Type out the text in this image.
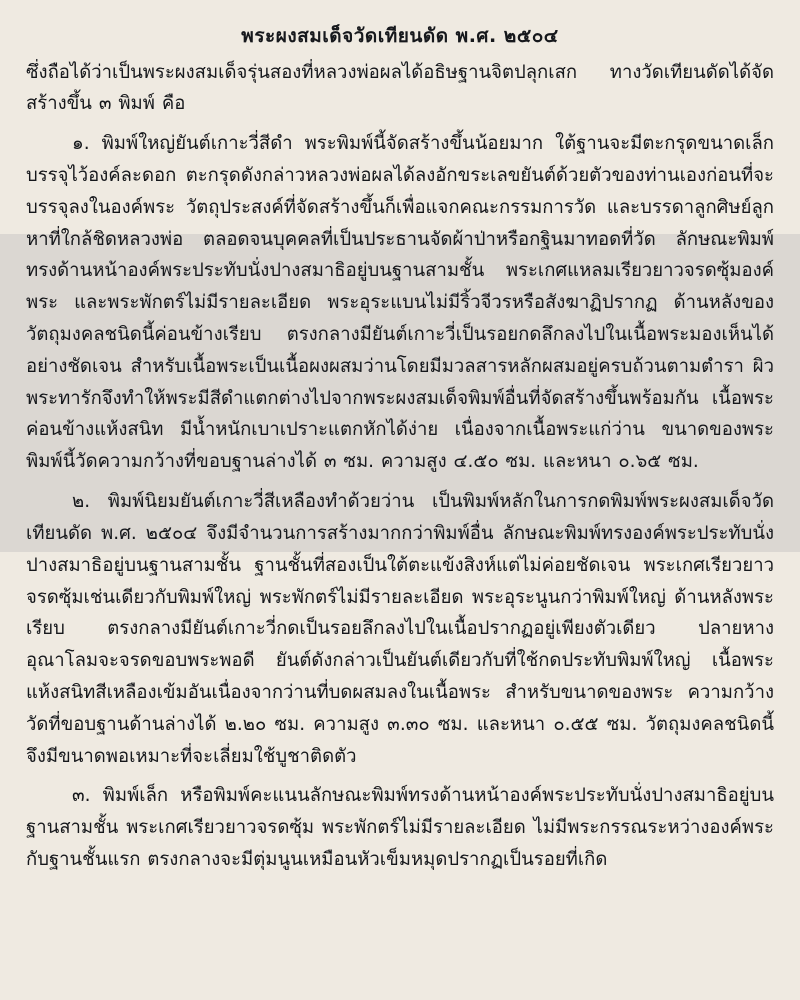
พระผงสมเด็จวัดเทียนดัด พ.ศ. ๒๕๐๔

ซึ่งถือได้ว่าเป็นพระผงสมเด็จรุ่นสองที่หลวงพ่อผลได้อธิษฐานจิตปลุกเสก ทางวัดเทียนดัดได้จัดสร้างขึ้น ๓ พิมพ์ คือ

๑. พิมพ์ใหญ่ยันต์เกาะวี่สีดำ พระพิมพ์นี้จัดสร้างขึ้นน้อยมาก ใต้ฐานจะมีตะกรุดขนาดเล็กบรรจุไว้องค์ละดอก ตะกรุดดังกล่าวหลวงพ่อผลได้ลงอักขระเลขยันต์ด้วยตัวของท่านเองก่อนที่จะบรรจุลงในองค์พระ วัตถุประสงค์ที่จัดสร้างขึ้นก็เพื่อแจกคณะกรรมการวัด และบรรดาลูกศิษย์ลูกหาที่ใกล้ชิดหลวงพ่อ ตลอดจนบุคคลที่เป็นประธานจัดผ้าป่าหรือกฐินมาทอดที่วัด ลักษณะพิมพ์ทรงด้านหน้าองค์พระประทับนั่งปางสมาธิอยู่บนฐานสามชั้น พระเกศแหลมเรียวยาวจรดซุ้มองค์พระ และพระพักตร์ไม่มีรายละเอียด พระอุระแบนไม่มีริ้วจีวรหรือสังฆาฏิปรากฏ ด้านหลังของวัตถุมงคลชนิดนี้ค่อนข้างเรียบ ตรงกลางมียันต์เกาะวี่เป็นรอยกดลึกลงไปในเนื้อพระมองเห็นได้อย่างชัดเจน สำหรับเนื้อพระเป็นเนื้อผงผสมว่านโดยมีมวลสารหลักผสมอยู่ครบถ้วนตามตำรา ผิวพระทารักจึงทำให้พระมีสีดำแตกต่างไปจากพระผงสมเด็จพิมพ์อื่นที่จัดสร้างขึ้นพร้อมกัน เนื้อพระค่อนข้างแห้งสนิท มีน้ำหนักเบาเปราะแตกหักได้ง่าย เนื่องจากเนื้อพระแก่ว่าน ขนาดของพระพิมพ์นี้วัดความกว้างที่ขอบฐานล่างได้ ๓ ซม. ความสูง ๔.๕๐ ซม. และหนา ๐.๖๕ ซม.

๒. พิมพ์นิยมยันต์เกาะวี่สีเหลืองทำด้วยว่าน เป็นพิมพ์หลักในการกดพิมพ์พระผงสมเด็จวัดเทียนดัด พ.ศ. ๒๕๐๔ จึงมีจำนวนการสร้างมากกว่าพิมพ์อื่น ลักษณะพิมพ์ทรงองค์พระประทับนั่งปางสมาธิอยู่บนฐานสามชั้น ฐานชั้นที่สองเป็นใต้ตะแข้งสิงห์แต่ไม่ค่อยชัดเจน พระเกศเรียวยาวจรดซุ้มเช่นเดียวกับพิมพ์ใหญ่ พระพักตร์ไม่มีรายละเอียด พระอุระนูนกว่าพิมพ์ใหญ่ ด้านหลังพระเรียบ ตรงกลางมียันต์เกาะวี่กดเป็นรอยลึกลงไปในเนื้อปรากฏอยู่เพียงตัวเดียว ปลายหางอุณาโลมจะจรดขอบพระพอดี ยันต์ดังกล่าวเป็นยันต์เดียวกับที่ใช้กดประทับพิมพ์ใหญ่ เนื้อพระแห้งสนิทสีเหลืองเข้มอันเนื่องจากว่านที่บดผสมลงในเนื้อพระ สำหรับขนาดของพระ ความกว้างวัดที่ขอบฐานด้านล่างได้ ๒.๒๐ ซม. ความสูง ๓.๓๐ ซม. และหนา ๐.๕๕ ซม. วัตถุมงคลชนิดนี้จึงมีขนาดพอเหมาะที่จะเลี่ยมใช้บูชาติดตัว

๓. พิมพ์เล็ก หรือพิมพ์คะแนนลักษณะพิมพ์ทรงด้านหน้าองค์พระประทับนั่งปางสมาธิอยู่บนฐานสามชั้น พระเกศเรียวยาวจรดซุ้ม พระพักตร์ไม่มีรายละเอียด ไม่มีพระกรรณระหว่างองค์พระกับฐานชั้นแรก ตรงกลางจะมีตุ่มนูนเหมือนหัวเข็มหมุดปรากฏเป็นรอยที่เกิด
